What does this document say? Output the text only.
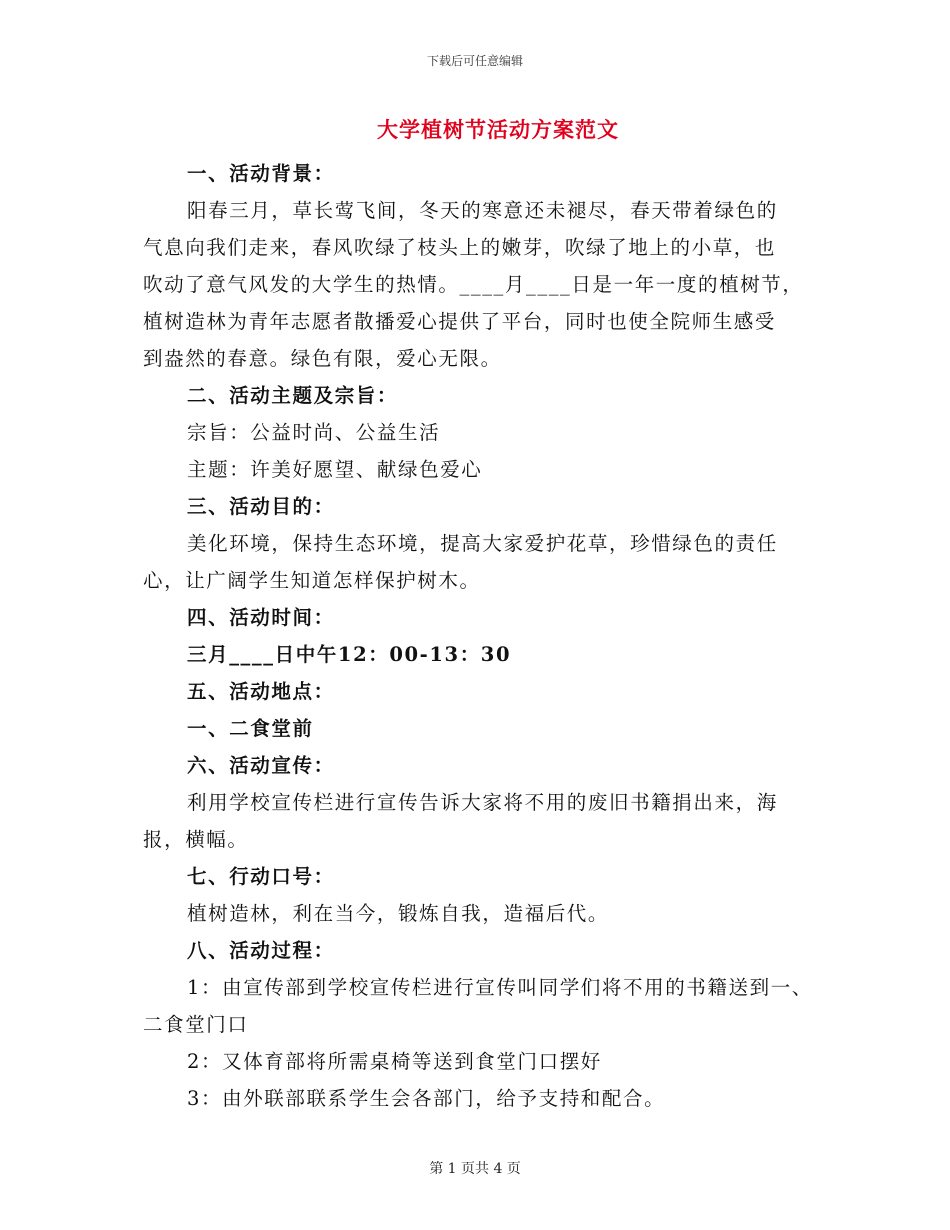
下载后可任意编辑
大学植树节活动方案范文
一、活动背景：
阳春三月，草长莺飞间，冬天的寒意还未褪尽，春天带着绿色的
气息向我们走来，春风吹绿了枝头上的嫩芽，吹绿了地上的小草，也
吹动了意气风发的大学生的热情。____月____日是一年一度的植树节，
植树造林为青年志愿者散播爱心提供了平台，同时也使全院师生感受
到盎然的春意。绿色有限，爱心无限。
二、活动主题及宗旨：
宗旨：公益时尚、公益生活
主题：许美好愿望、献绿色爱心
三、活动目的：
美化环境，保持生态环境，提高大家爱护花草，珍惜绿色的责任
心，让广阔学生知道怎样保护树木。
四、活动时间：
三月____日中午12：00-13：30
五、活动地点：
一、二食堂前
六、活动宣传：
利用学校宣传栏进行宣传告诉大家将不用的废旧书籍捐出来，海
报，横幅。
七、行动口号：
植树造林，利在当今，锻炼自我，造福后代。
八、活动过程：
1：由宣传部到学校宣传栏进行宣传叫同学们将不用的书籍送到一、
二食堂门口
2：又体育部将所需桌椅等送到食堂门口摆好
3：由外联部联系学生会各部门，给予支持和配合。
第 1 页共 4 页
